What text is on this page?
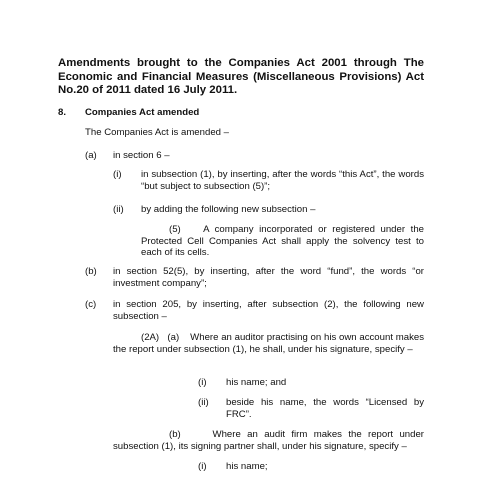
Amendments brought to the Companies Act 2001 through The Economic and Financial Measures (Miscellaneous Provisions) Act No.20 of 2011 dated 16 July 2011.
8. Companies Act amended
The Companies Act is amended –
(a) in section 6 –
(i) in subsection (1), by inserting, after the words “this Act”, the words “but subject to subsection (5)”;
(ii) by adding the following new subsection –
(5)    A company incorporated or registered under the Protected Cell Companies Act shall apply the solvency test to each of its cells.
(b) in section 52(5), by inserting, after the word “fund”, the words “or investment company”;
(c) in section 205, by inserting, after subsection (2), the following new subsection –
(2A)   (a)    Where an auditor practising on his own account makes the report under subsection (1), he shall, under his signature, specify –
(i) his name; and
(ii) beside his name, the words “Licensed by FRC”.
(b)     Where an audit firm makes the report under subsection (1), its signing partner shall, under his signature, specify –
(i) his name;
